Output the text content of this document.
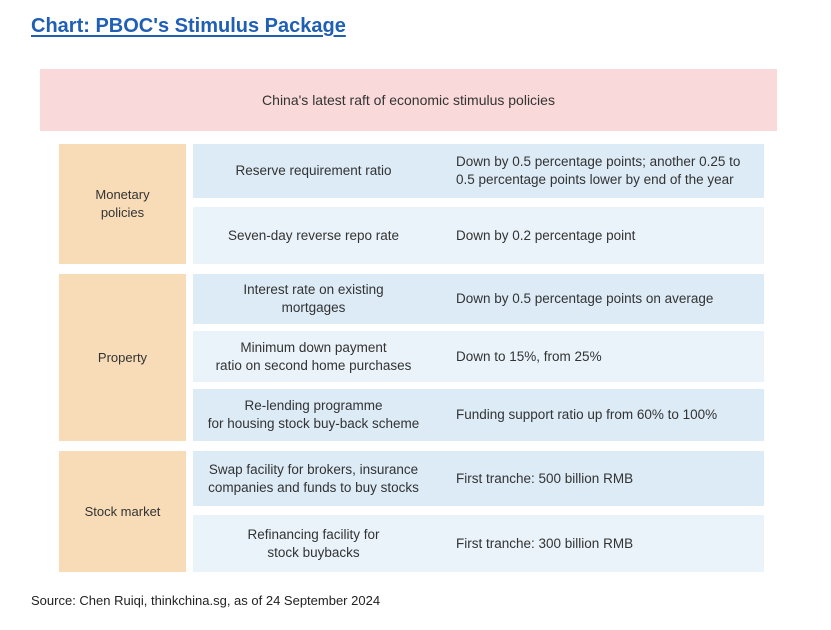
Chart: PBOC's Stimulus Package
China's latest raft of economic stimulus policies
Monetary
policies
Reserve requirement ratio
Down by 0.5 percentage points; another 0.25 to
0.5 percentage points lower by end of the year
Seven-day reverse repo rate	Down by 0.2 percentage point
Property
Interest rate on existing
mortgages
Down by 0.5 percentage points on average
Minimum down payment
ratio on second home purchases
Down to 15%, from 25%
Re-lending programme
for housing stock buy-back scheme
Funding support ratio up from 60% to 100%
Stock market
Swap facility for brokers, insurance
companies and funds to buy stocks
First tranche: 500 billion RMB
Refinancing facility for
stock buybacks
First tranche: 300 billion RMB
Source: Chen Ruiqi, thinkchina.sg, as of 24 September 2024
